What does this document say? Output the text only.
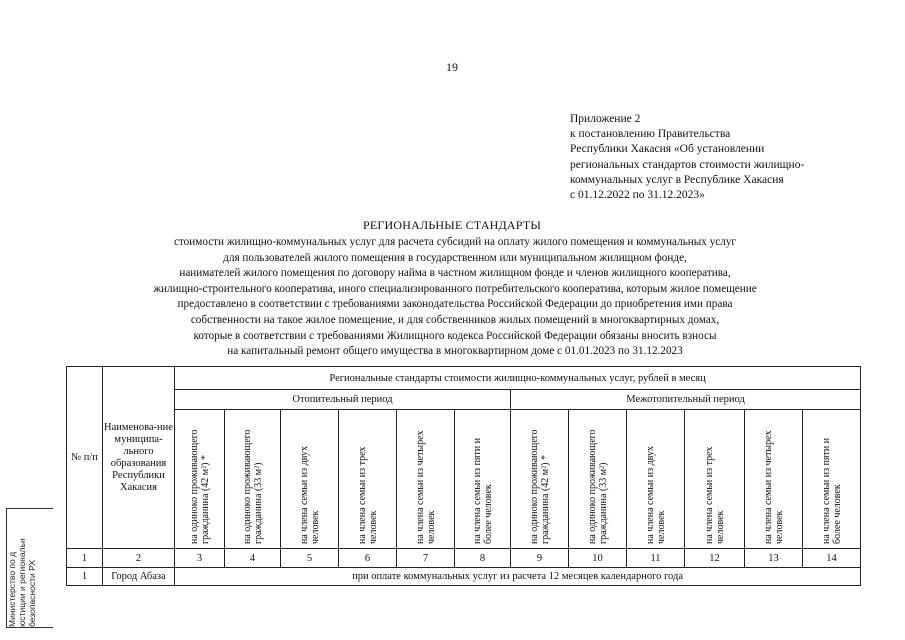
19
Приложение 2
к постановлению Правительства
Республики Хакасия «Об установлении
региональных стандартов стоимости жилищно-
коммунальных услуг в Республике Хакасия
с 01.12.2022 по 31.12.2023»
РЕГИОНАЛЬНЫЕ СТАНДАРТЫ
стоимости жилищно-коммунальных услуг для расчета субсидий на оплату жилого помещения и коммунальных услуг
для пользователей жилого помещения в государственном или муниципальном жилищном фонде,
нанимателей жилого помещения по договору найма в частном жилищном фонде и членов жилищного кооператива,
жилищно-строительного кооператива, иного специализированного потребительского кооператива, которым жилое помещение
предоставлено в соответствии с требованиями законодательства Российской Федерации до приобретения ими права
собственности на такое жилое помещение, и для собственников жилых помещений в многоквартирных домах,
которые в соответствии с требованиями Жилищного кодекса Российской Федерации обязаны вносить взносы
на капитальный ремонт общего имущества в многоквартирном доме с 01.01.2023 по 31.12.2023
№ п/п	Наименова-ние муниципа-льного образования Республики Хакасия	Региональные стандарты стоимости жилищно-коммунальных услуг, рублей в месяц											
		Отопительный период						Межотопительный период					

		на одиноко проживающего гражданина (42 м²) *	на одиноко проживающего гражданина (33 м²)	на члена семьи из двух человек	на члена семьи из трех человек	на члена семьи из четырех человек	на члена семьи из пяти и более человек	на одиноко проживающего гражданина (42 м²) *	на одиноко проживающего гражданина (33 м²)	на члена семьи из двух человек	на члена семьи из трех человек	на члена семьи из четырех человек	на члена семьи из пяти и более человек

1	2	3	4	5	6	7	8	9	10	11	12	13	14
1	Город Абаза	при оплате коммунальных услуг из расчета 12 месяцев календарного года											
Министерство по д юстиции и региональн безопасности РХ
